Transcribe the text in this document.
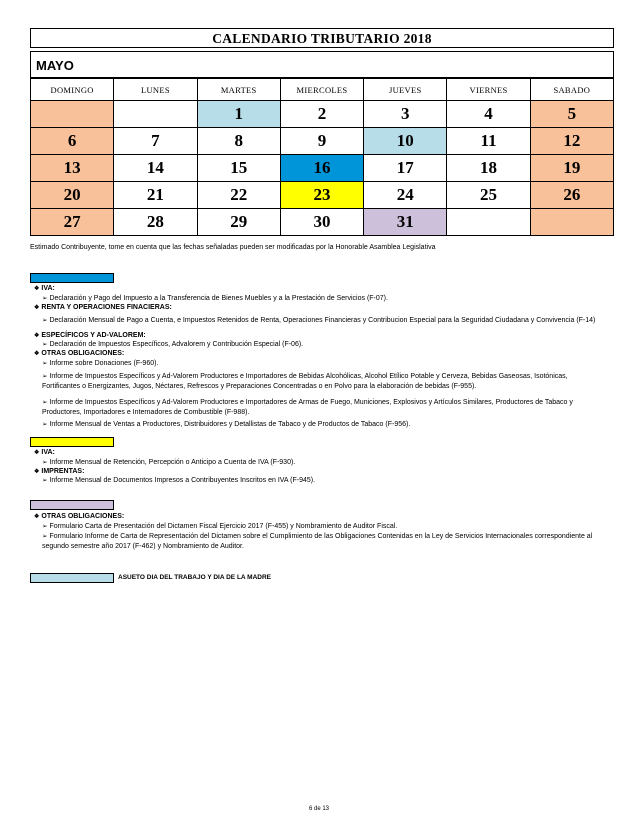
CALENDARIO TRIBUTARIO 2018
MAYO
DOMINGO	LUNES	MARTES	MIERCOLES	JUEVES	VIERNES	SABADO
		1	2	3	4	5
6	7	8	9	10	11	12
13	14	15	16	17	18	19
20	21	22	23	24	25	26
27	28	29	30	31		
Estimado Contribuyente, tome en cuenta que las fechas señaladas pueden ser modificadas por la Honorable Asamblea Legislativa
❖ IVA:
➢ Declaración y Pago del Impuesto a la Transferencia de Bienes Muebles y a la Prestación de Servicios (F-07).
❖ RENTA Y OPERACIONES FINACIERAS:
➢ Declaración Mensual de Pago a Cuenta, e Impuestos Retenidos de Renta, Operaciones Financieras y Contribucion Especial para la Seguridad Ciudadana y Convivencia (F-14)
❖ ESPECÍFICOS Y AD-VALOREM:
➢ Declaración de Impuestos Específicos, Advalorem y Contribución Especial (F-06).
❖ OTRAS OBLIGACIONES:
➢ Informe sobre Donaciones (F-960).
➢ Informe de Impuestos Específicos y Ad-Valorem Productores e Importadores de Bebidas Alcohólicas, Alcohol Etílico Potable y Cerveza, Bebidas Gaseosas, Isotónicas,
Fortificantes o Energizantes, Jugos, Néctares, Refrescos y Preparaciones Concentradas o en Polvo para la elaboración de bebidas (F-955).
➢ Informe de Impuestos Específicos y Ad-Valorem Productores e Importadores de Armas de Fuego, Municiones, Explosivos y Artículos Similares, Productores de Tabaco y
Productores, Importadores e Internadores de Combustible (F-988).
➢ Informe Mensual de Ventas a Productores, Distribuidores y Detallistas de Tabaco y de Productos de Tabaco (F-956).
❖ IVA:
➢ Informe Mensual de Retención, Percepción o Anticipo a Cuenta de IVA (F-930).
❖ IMPRENTAS:
➢ Informe Mensual de Documentos Impresos a Contribuyentes Inscritos en IVA (F-945).
❖ OTRAS OBLIGACIONES:
➢ Formulario Carta de Presentación del Dictamen Fiscal Ejercicio 2017 (F-455) y Nombramiento de Auditor Fiscal.
➢ Formulario Informe de Carta de Representación del Dictamen sobre el Cumplimiento de las Obligaciones Contenidas en la Ley de Servicios Internacionales correspondiente al
segundo semestre año 2017 (F-462) y Nombramiento de Auditor.
ASUETO DIA DEL TRABAJO Y DIA DE LA MADRE
6 de 13
